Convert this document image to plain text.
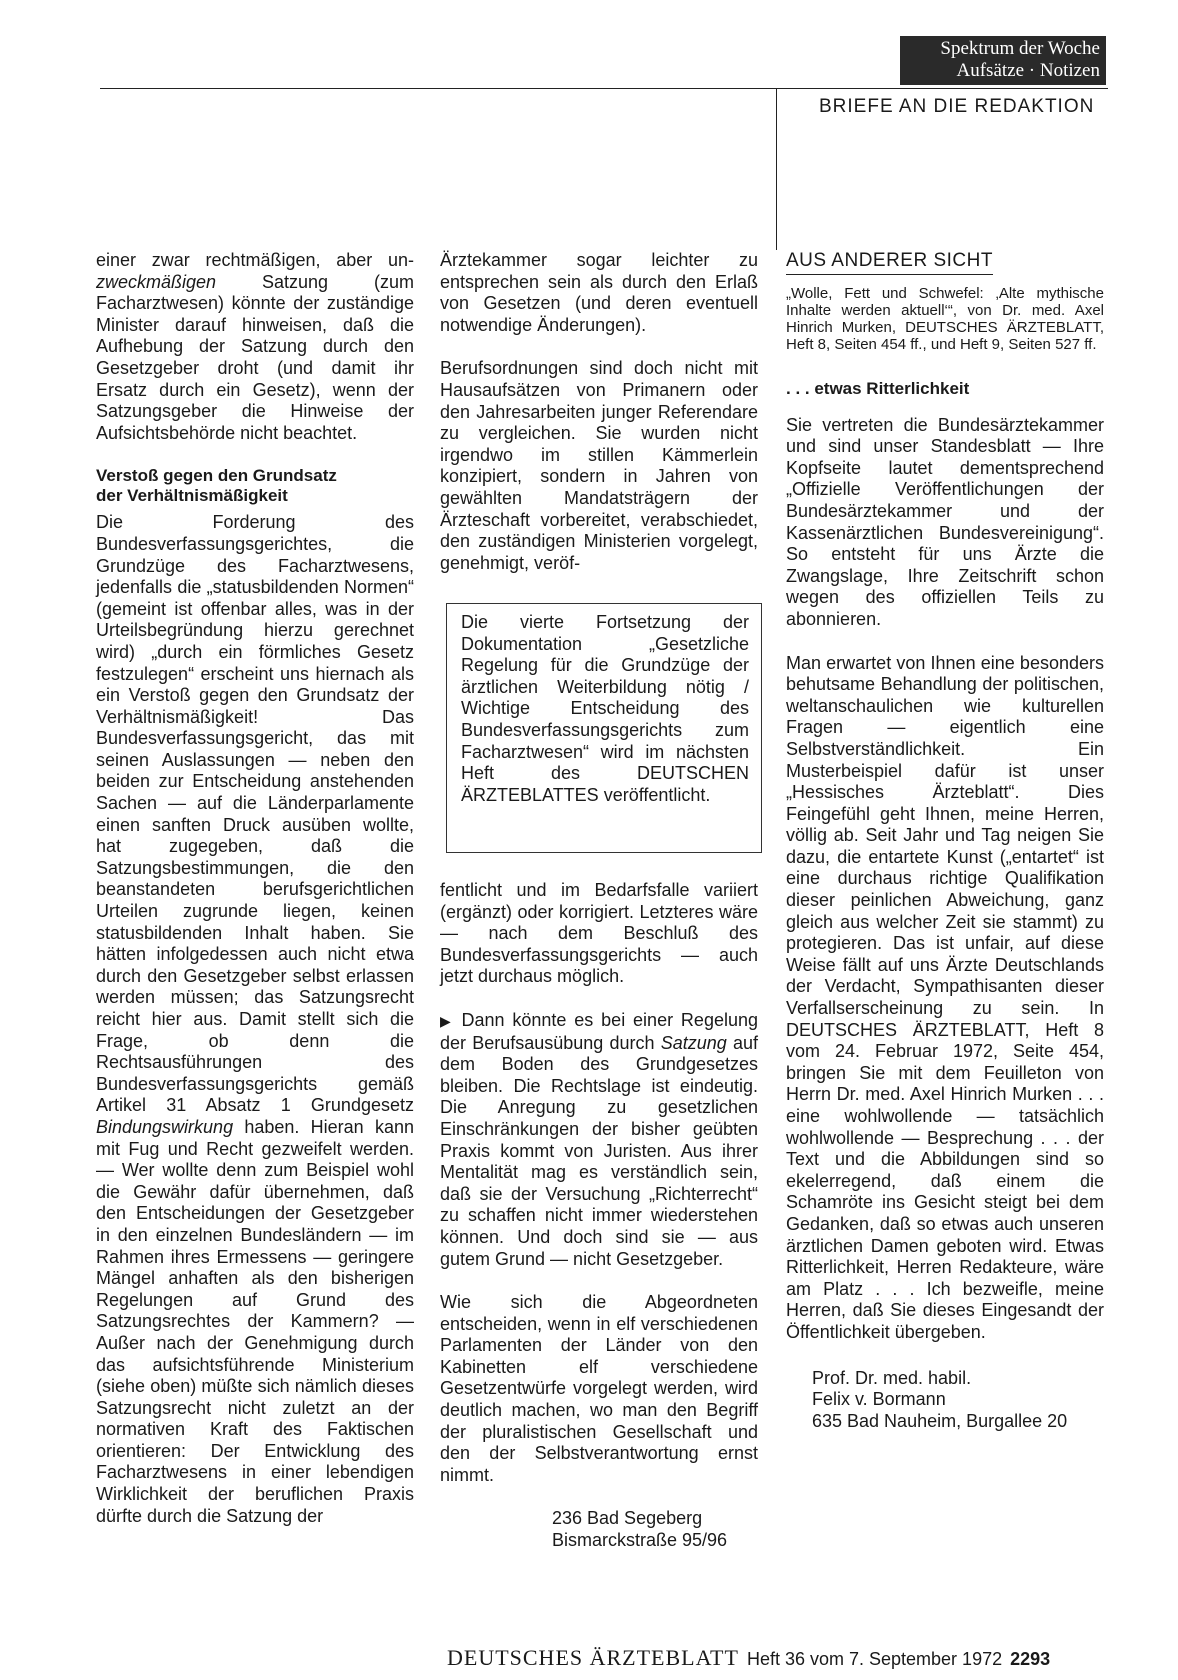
Spektrum der Woche
Aufsätze · Notizen
BRIEFE AN DIE REDAKTION

einer zwar rechtmäßigen, aber un- zweckmäßigen Satzung (zum Facharztwesen) könnte der zuständige Minister darauf hinweisen, daß die Aufhebung der Satzung durch den Gesetzgeber droht (und damit ihr Ersatz durch ein Gesetz), wenn der Satzungsgeber die Hinweise der Aufsichtsbehörde nicht beachtet.

Verstoß gegen den Grundsatz
der Verhältnismäßigkeit

Die Forderung des Bundesverfassungsgerichtes, die Grundzüge des Facharztwesens, jedenfalls die „statusbildenden Normen“ (gemeint ist offenbar alles, was in der Urteilsbegründung hierzu gerechnet wird) „durch ein förmliches Gesetz festzulegen“ erscheint uns hiernach als ein Verstoß gegen den Grundsatz der Verhältnismäßigkeit! Das Bundesverfassungsgericht, das mit seinen Auslassungen — neben den beiden zur Entscheidung anstehenden Sachen — auf die Länderparlamente einen sanften Druck ausüben wollte, hat zugegeben, daß die Satzungsbestimmungen, die den beanstandeten berufsgerichtlichen Urteilen zugrunde liegen, keinen statusbildenden Inhalt haben. Sie hätten infolgedessen auch nicht etwa durch den Gesetzgeber selbst erlassen werden müssen; das Satzungsrecht reicht hier aus. Damit stellt sich die Frage, ob denn die Rechtsausführungen des Bundesverfassungsgerichts gemäß Artikel 31 Absatz 1 Grundgesetz Bindungswirkung haben. Hieran kann mit Fug und Recht gezweifelt werden. — Wer wollte denn zum Beispiel wohl die Gewähr dafür übernehmen, daß den Entscheidungen der Gesetzgeber in den einzelnen Bundesländern — im Rahmen ihres Ermessens — geringere Mängel anhaften als den bisherigen Regelungen auf Grund des Satzungsrechtes der Kammern? — Außer nach der Genehmigung durch das aufsichtsführende Ministerium (siehe oben) müßte sich nämlich dieses Satzungsrecht nicht zuletzt an der normativen Kraft des Faktischen orientieren: Der Entwicklung des Facharztwesens in einer lebendigen Wirklichkeit der beruflichen Praxis dürfte durch die Satzung der

Ärztekammer sogar leichter zu entsprechen sein als durch den Erlaß von Gesetzen (und deren eventuell notwendige Änderungen).

Berufsordnungen sind doch nicht mit Hausaufsätzen von Primanern oder den Jahresarbeiten junger Referendare zu vergleichen. Sie wurden nicht irgendwo im stillen Kämmerlein konzipiert, sondern in Jahren von gewählten Mandatsträgern der Ärzteschaft vorbereitet, verabschiedet, den zuständigen Ministerien vorgelegt, genehmigt, veröf-

Die vierte Fortsetzung der Dokumentation „Gesetzliche Regelung für die Grundzüge der ärztlichen Weiterbildung nötig / Wichtige Entscheidung des Bundesverfassungsgerichts zum Facharztwesen“ wird im nächsten Heft des DEUTSCHEN ÄRZTEBLATTES veröffentlicht.

fentlicht und im Bedarfsfalle variiert (ergänzt) oder korrigiert. Letzteres wäre — nach dem Beschluß des Bundesverfassungsgerichts — auch jetzt durchaus möglich.

▶ Dann könnte es bei einer Regelung der Berufsausübung durch Satzung auf dem Boden des Grundgesetzes bleiben. Die Rechtslage ist eindeutig. Die Anregung zu gesetzlichen Einschränkungen der bisher geübten Praxis kommt von Juristen. Aus ihrer Mentalität mag es verständlich sein, daß sie der Versuchung „Richterrecht“ zu schaffen nicht immer wiederstehen können. Und doch sind sie — aus gutem Grund — nicht Gesetzgeber.

Wie sich die Abgeordneten entscheiden, wenn in elf verschiedenen Parlamenten der Länder von den Kabinetten elf verschiedene Gesetzentwürfe vorgelegt werden, wird deutlich machen, wo man den Begriff der pluralistischen Gesellschaft und den der Selbstverantwortung ernst nimmt.

236 Bad Segeberg
Bismarckstraße 95/96
AUS ANDERER SICHT

„Wolle, Fett und Schwefel: ‚Alte mythische Inhalte werden aktuell‘“, von Dr. med. Axel Hinrich Murken, DEUTSCHES ÄRZTEBLATT, Heft 8, Seiten 454 ff., und Heft 9, Seiten 527 ff.

. . . etwas Ritterlichkeit

Sie vertreten die Bundesärztekammer und sind unser Standesblatt — Ihre Kopfseite lautet dementsprechend „Offizielle Veröffentlichungen der Bundesärztekammer und der Kassenärztlichen Bundesvereinigung“. So entsteht für uns Ärzte die Zwangslage, Ihre Zeitschrift schon wegen des offiziellen Teils zu abonnieren.

Man erwartet von Ihnen eine besonders behutsame Behandlung der politischen, weltanschaulichen wie kulturellen Fragen — eigentlich eine Selbstverständlichkeit. Ein Musterbeispiel dafür ist unser „Hessisches Ärzteblatt“. Dies Feingefühl geht Ihnen, meine Herren, völlig ab. Seit Jahr und Tag neigen Sie dazu, die entartete Kunst („entartet“ ist eine durchaus richtige Qualifikation dieser peinlichen Abweichung, ganz gleich aus welcher Zeit sie stammt) zu protegieren. Das ist unfair, auf diese Weise fällt auf uns Ärzte Deutschlands der Verdacht, Sympathisanten dieser Verfallserscheinung zu sein. In DEUTSCHES ÄRZTEBLATT, Heft 8 vom 24. Februar 1972, Seite 454, bringen Sie mit dem Feuilleton von Herrn Dr. med. Axel Hinrich Murken . . . eine wohlwollende — tatsächlich wohlwollende — Besprechung . . . der Text und die Abbildungen sind so ekelerregend, daß einem die Schamröte ins Gesicht steigt bei dem Gedanken, daß so etwas auch unseren ärztlichen Damen geboten wird. Etwas Ritterlichkeit, Herren Redakteure, wäre am Platz . . . Ich bezweifle, meine Herren, daß Sie dieses Eingesandt der Öffentlichkeit übergeben.

Prof. Dr. med. habil.
Felix v. Bormann
635 Bad Nauheim, Burgallee 20
DEUTSCHES ÄRZTEBLATT Heft 36 vom 7. September 1972 2293
